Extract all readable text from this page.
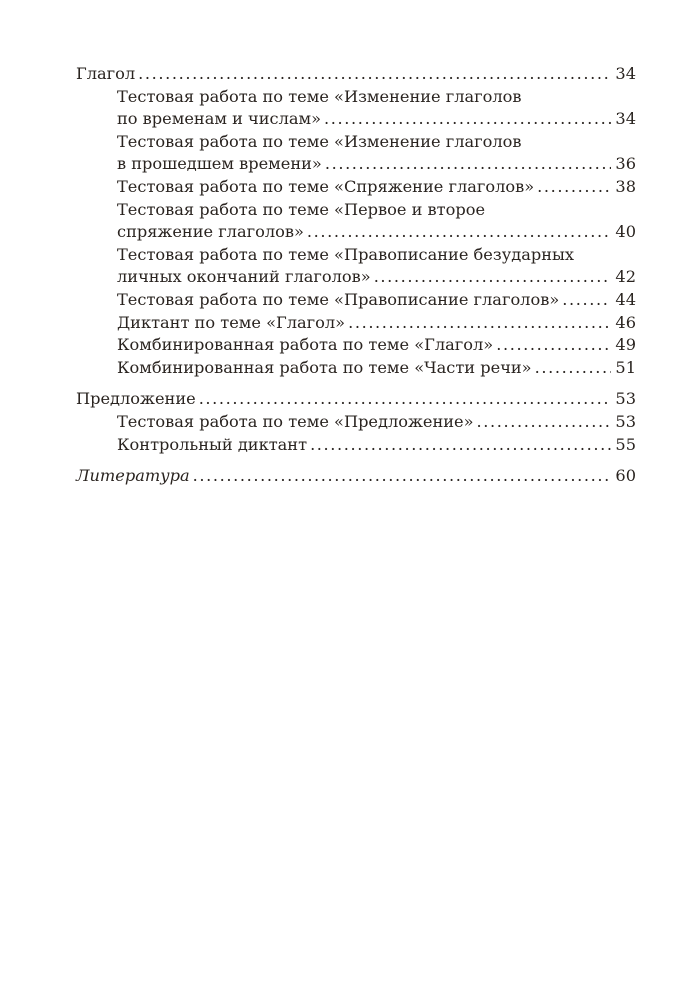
Глагол .....	34
Тестовая работа по теме «Изменение глаголов
по временам и числам» .....	34
Тестовая работа по теме «Изменение глаголов
в прошедшем времени» .....	36
Тестовая работа по теме «Спряжение глаголов» .....	38
Тестовая работа по теме «Первое и второе
спряжение глаголов» .....	40
Тестовая работа по теме «Правописание безударных
личных окончаний глаголов» .....	42
Тестовая работа по теме «Правописание глаголов» .....	44
Диктант по теме «Глагол» .....	46
Комбинированная работа по теме «Глагол» .....	49
Комбинированная работа по теме «Части речи» .....	51
Предложение .....	53
Тестовая работа по теме «Предложение» .....	53
Контрольный диктант .....	55
Литература .....	60
